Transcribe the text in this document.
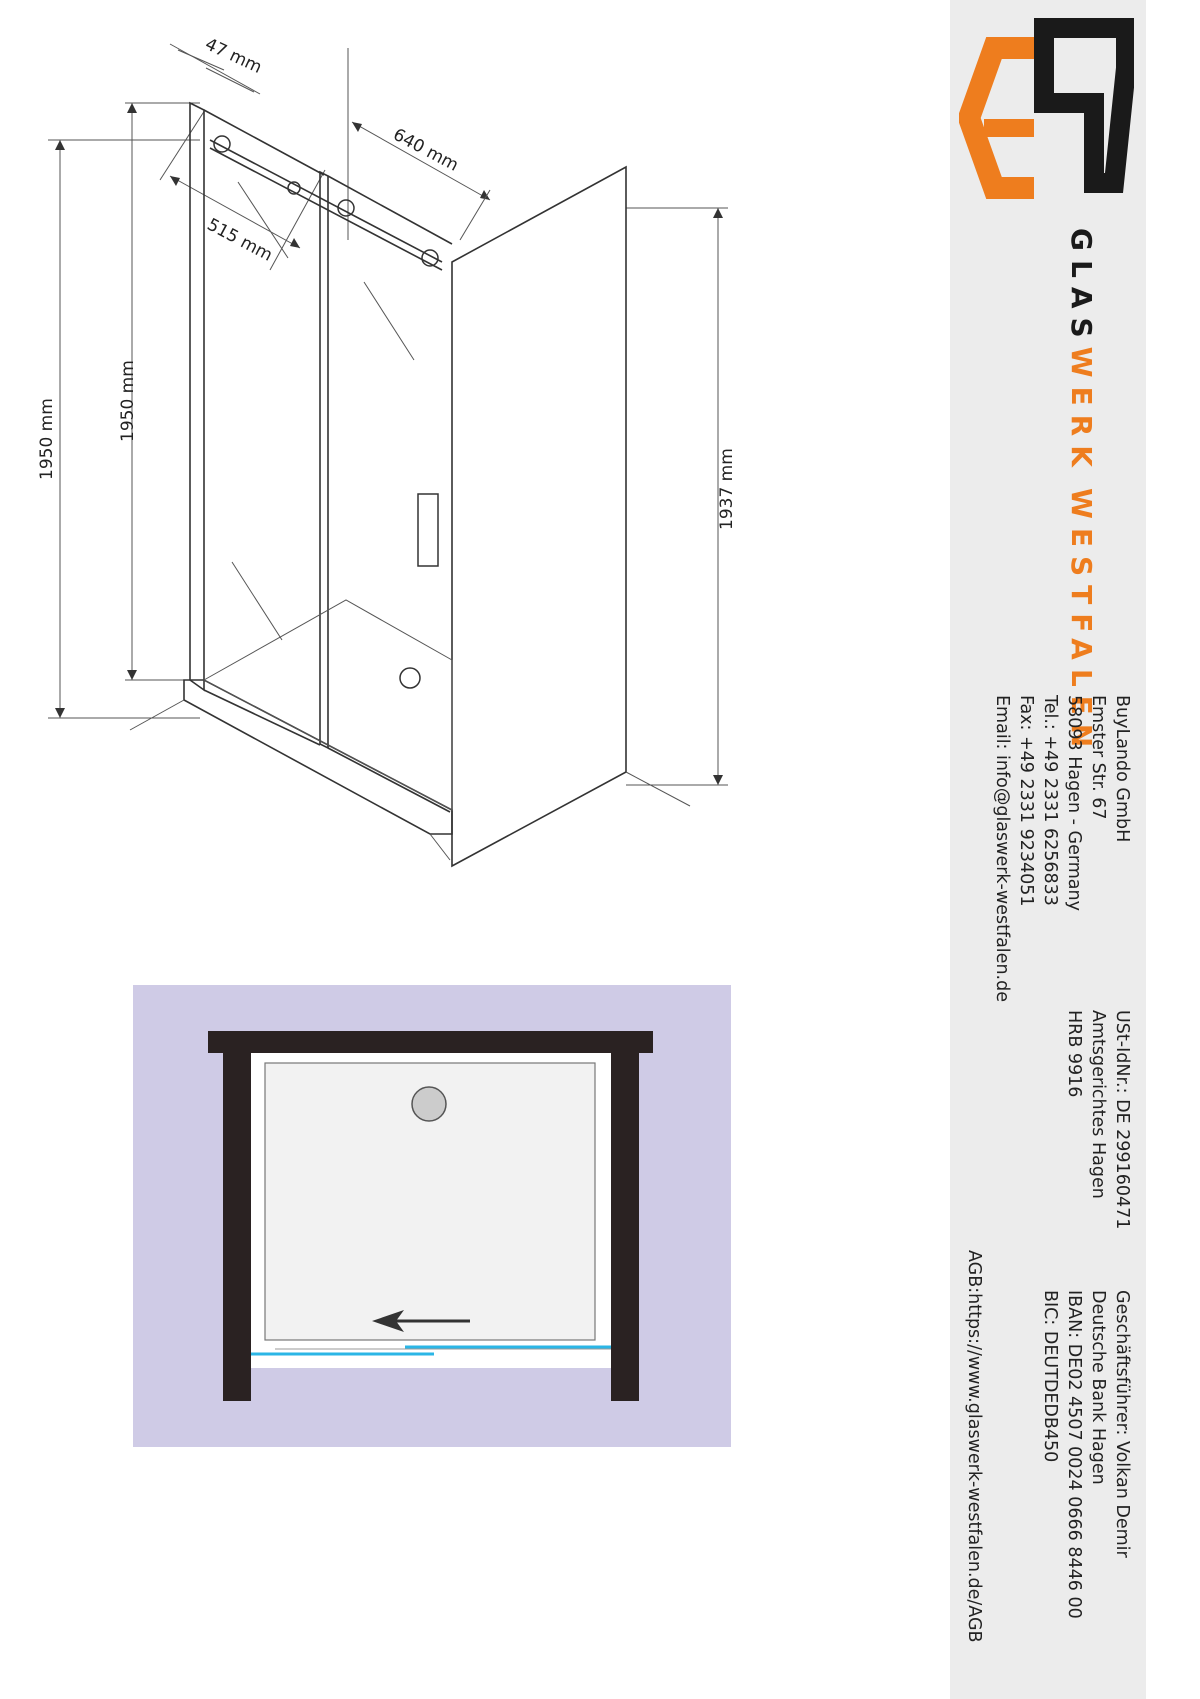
1950 mm	1950 mm
1937 mm
47 mm
640 mm
515 mm	GLASWERKWESTFALEN
BuyLando GmbH
Emster Str. 67
58093 Hagen - Germany
Tel.: +49 2331 6256833
Fax: +49 2331 9234051
Email: info@glaswerk-westfalen.de
USt-IdNr.: DE 299160471
Amtsgerichtes Hagen
HRB 9916
Geschäftsführer: Volkan Demir
Deutsche Bank Hagen
IBAN: DE02 4507 0024 0666 8446 00
BIC: DEUTDEDB450
AGB:https://www.glaswerk-westfalen.de/AGB
